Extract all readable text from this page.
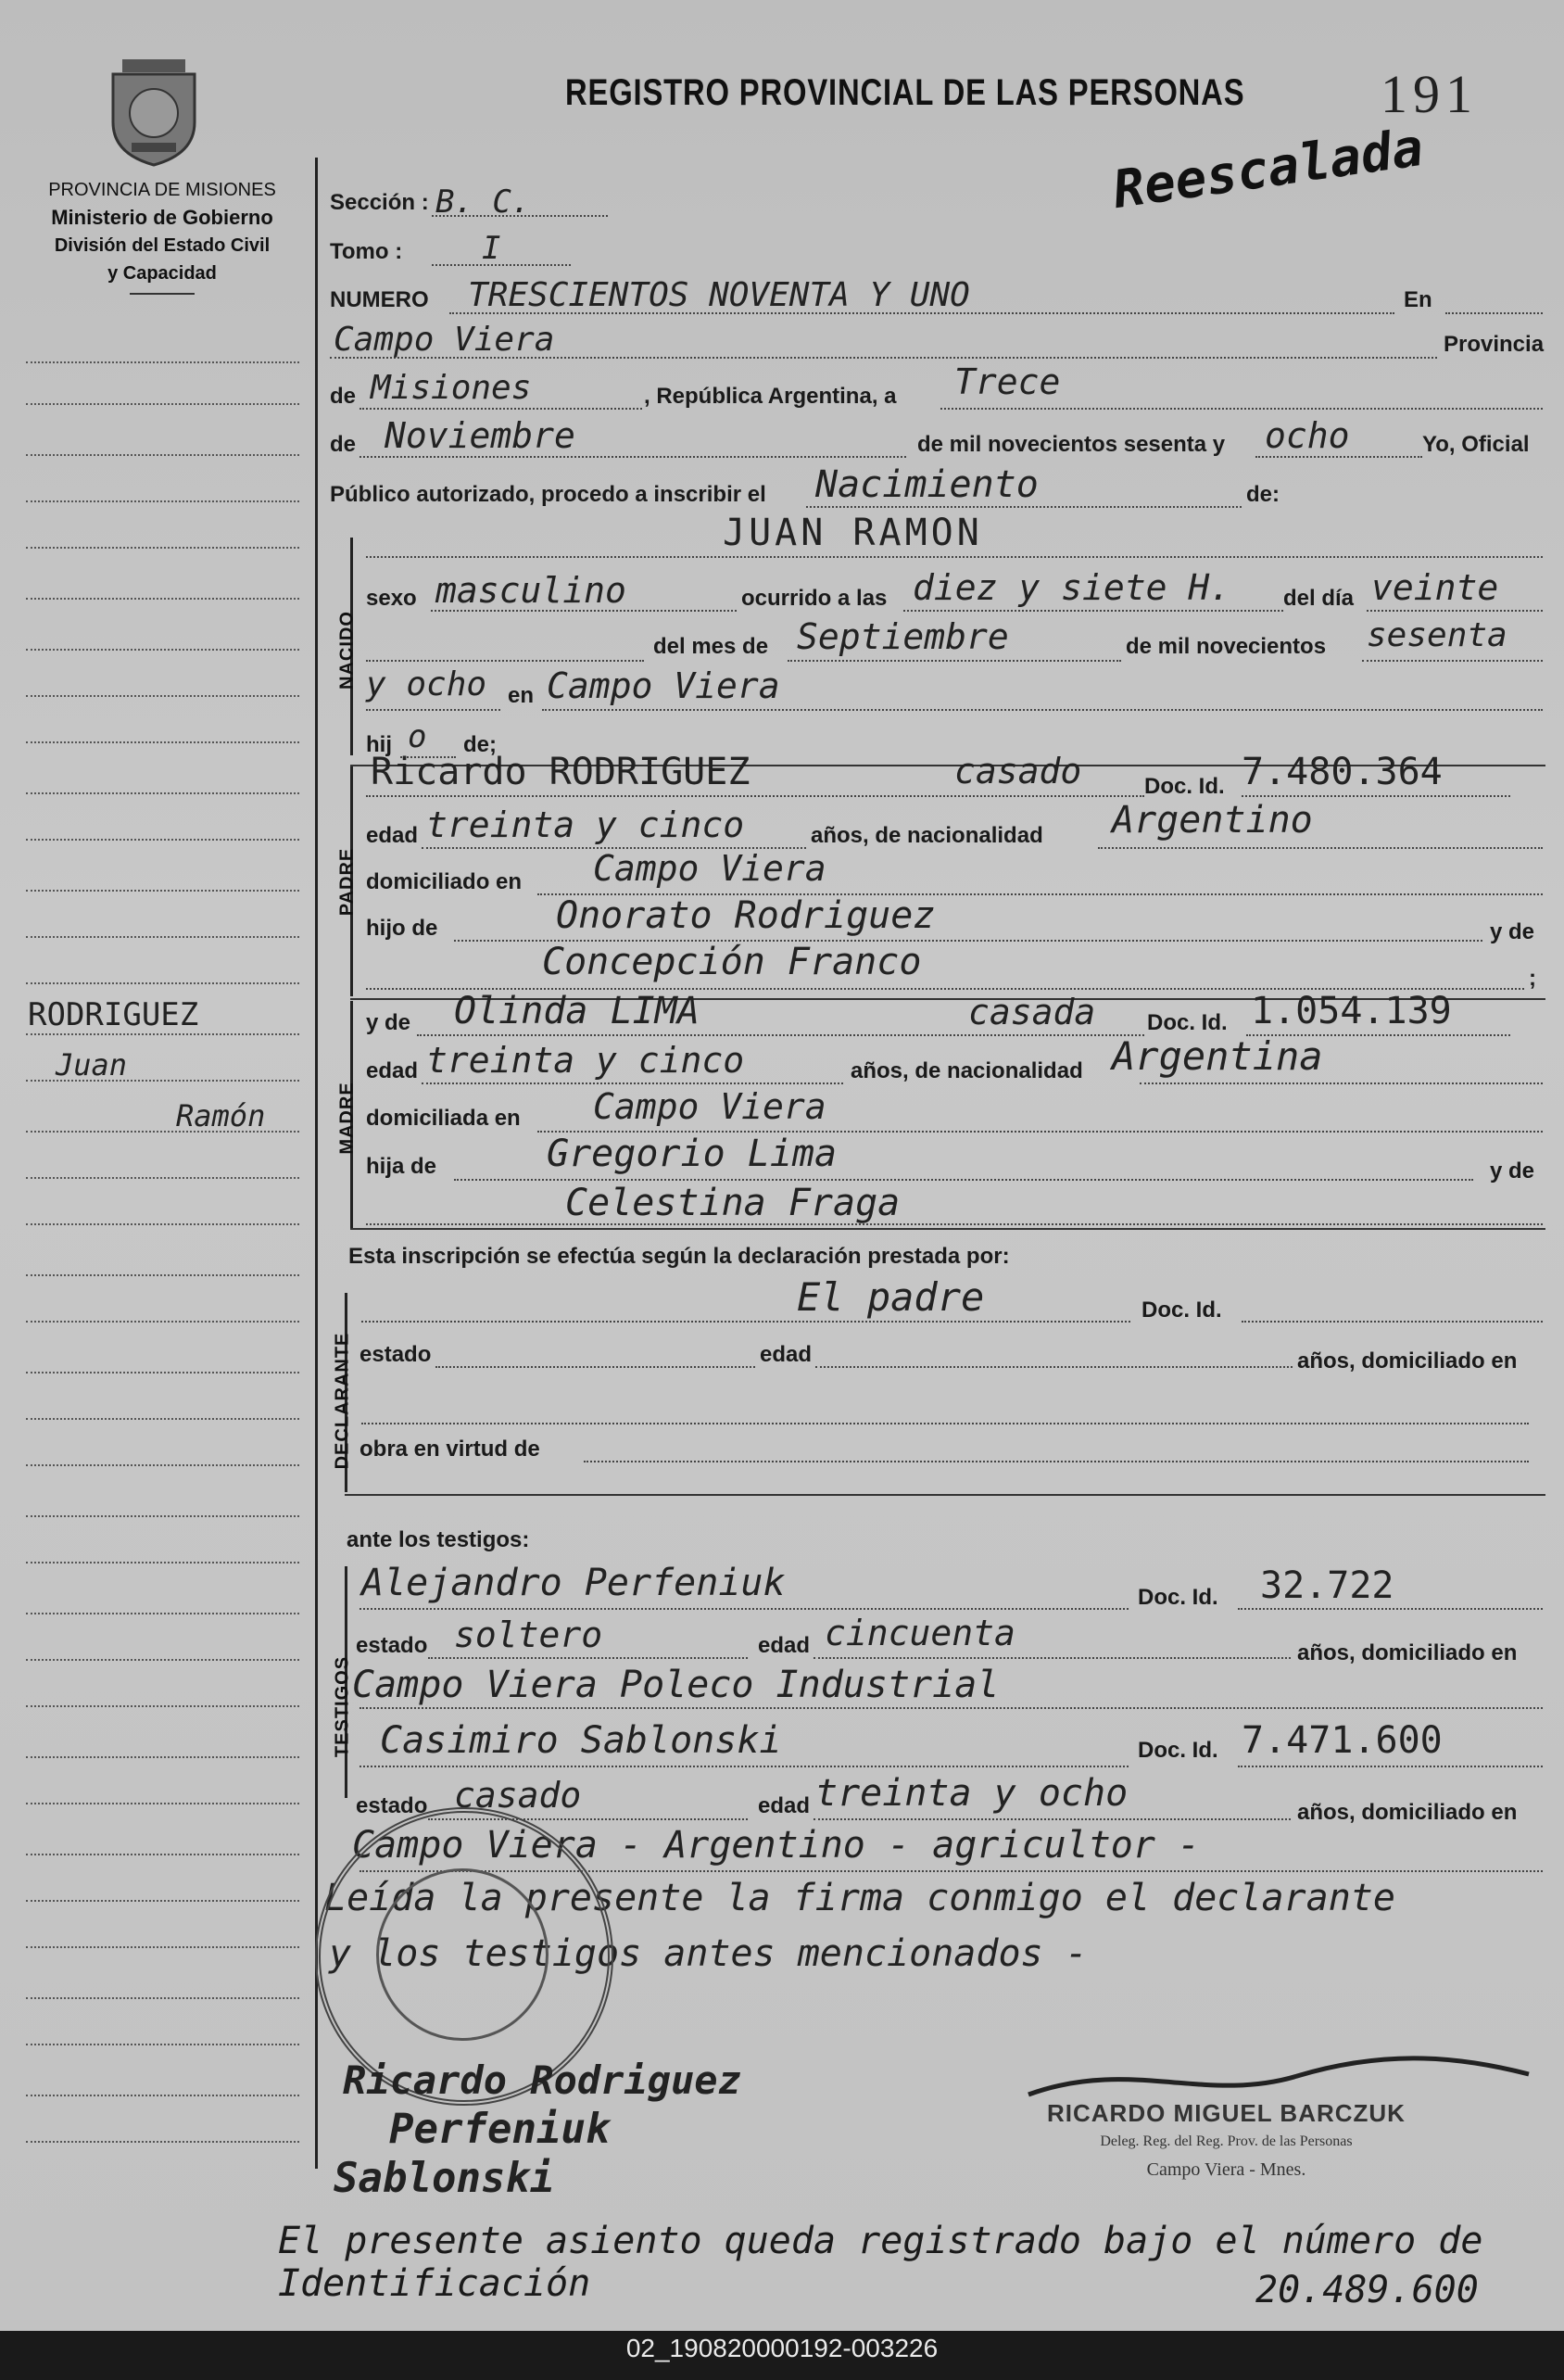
PROVINCIA DE MISIONES
Ministerio de Gobierno
División del Estado Civil
y Capacidad
REGISTRO PROVINCIAL DE LAS PERSONAS	191
Reescalada
RODRIGUEZ
Juan
Ramón
NACIDO
PADRE
MADRE
DECLARANTE
TESTIGOS
Sección : B. C.
Tomo :	I
NUMERO TRESCIENTOS NOVENTA Y UNO	En
Campo Viera	Provincia
de Misiones	, República Argentina, a Trece
de Noviembre	de mil novecientos sesenta y ocho	Yo, Oficial
Público autorizado, procedo a inscribir el Nacimiento	de:
JUAN RAMON
sexo masculino	ocurrido a las diez y siete H. del día veinte
del mes de Septiembre	de mil novecientos sesenta
y ocho en Campo Viera
hij o de;
Ricardo RODRIGUEZ	casado	Doc. Id. 7.480.364
edad treinta y cinco	años, de nacionalidad Argentino
domiciliado en Campo Viera
hijo de	Onorato Rodriguez	y de
Concepción Franco	;
y de Olinda LIMA	casada Doc. Id. 1.054.139
edad treinta y cinco	años, de nacionalidad Argentina
domiciliada en Campo Viera
hija de	Gregorio Lima	y de
Celestina Fraga
Esta inscripción se efectúa según la declaración prestada por:
El padre	Doc. Id.
estado	edad	años, domiciliado en
obra en virtud de
ante los testigos:
Alejandro Perfeniuk	Doc. Id. 32.722
estado soltero	edad cincuenta	años, domiciliado en
Campo Viera Poleco Industrial
Casimiro Sablonski	Doc. Id. 7.471.600
estado casado	edad treinta y ocho	años, domiciliado en
Campo Viera - Argentino - agricultor -
Leída la presente la firma conmigo el declarante
y los testigos antes mencionados -
Ricardo Rodriguez
Perfeniuk
Sablonski
RICARDO MIGUEL BARCZUK
Deleg. Reg. del Reg. Prov. de las Personas
Campo Viera - Mnes.
El presente asiento queda registrado bajo el número de Identificación	20.489.600
02_190820000192-003226
